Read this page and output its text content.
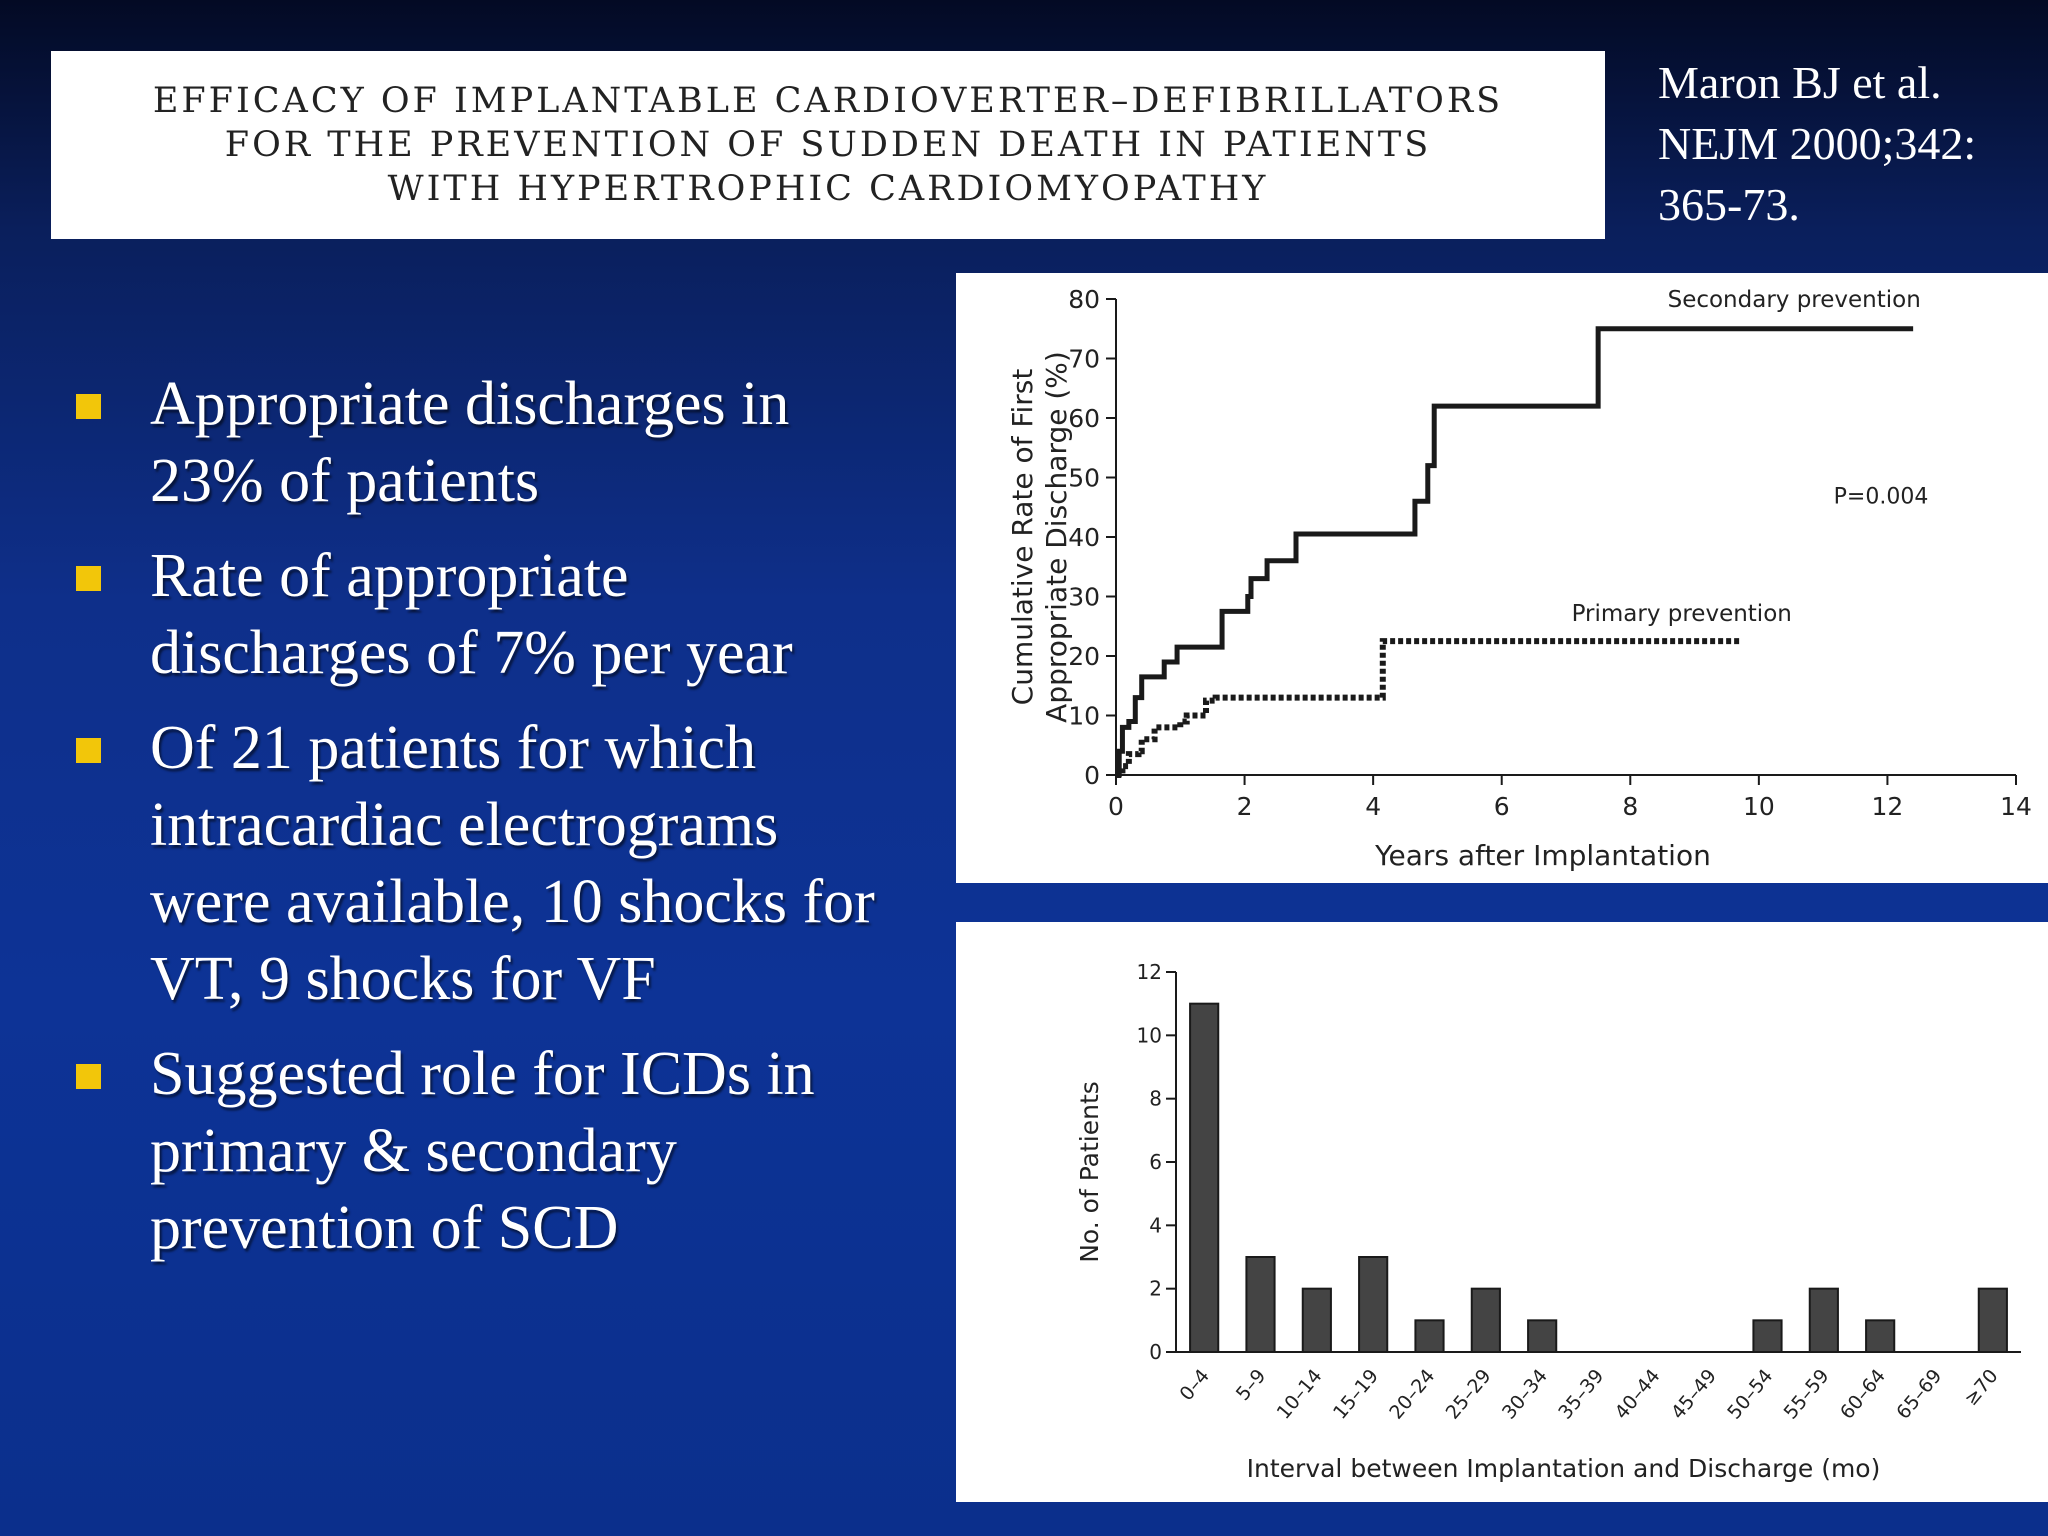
EFFICACY OF IMPLANTABLE CARDIOVERTER–DEFIBRILLATORS
FOR THE PREVENTION OF SUDDEN DEATH IN PATIENTS
WITH HYPERTROPHIC CARDIOMYOPATHY
Maron BJ et al.
NEJM 2000;342:
365-73.
Appropriate discharges in
23% of patients
Rate of appropriate
discharges of 7% per year
Of 21 patients for which
intracardiac electrograms
were available, 10 shocks for
VT, 9 shocks for VF
Suggested role for ICDs in
primary & secondary
prevention of SCD
0
10
20
30
40
50
60
70
80
0	2	4	6	8	10	12	14
Years after Implantation
Cumulative Rate of FirstAppropriate Discharge (%)
Secondary prevention
Primary prevention
P=0.004
0
2
4
6
8
10
12
0–4 5–9 10–14 15–19 20–24 25–29 30–34 35–39 40–44 45–49 50–54 55–59 60–64 65–69 ≥70
Interval between Implantation and Discharge (mo)
No. of Patients
